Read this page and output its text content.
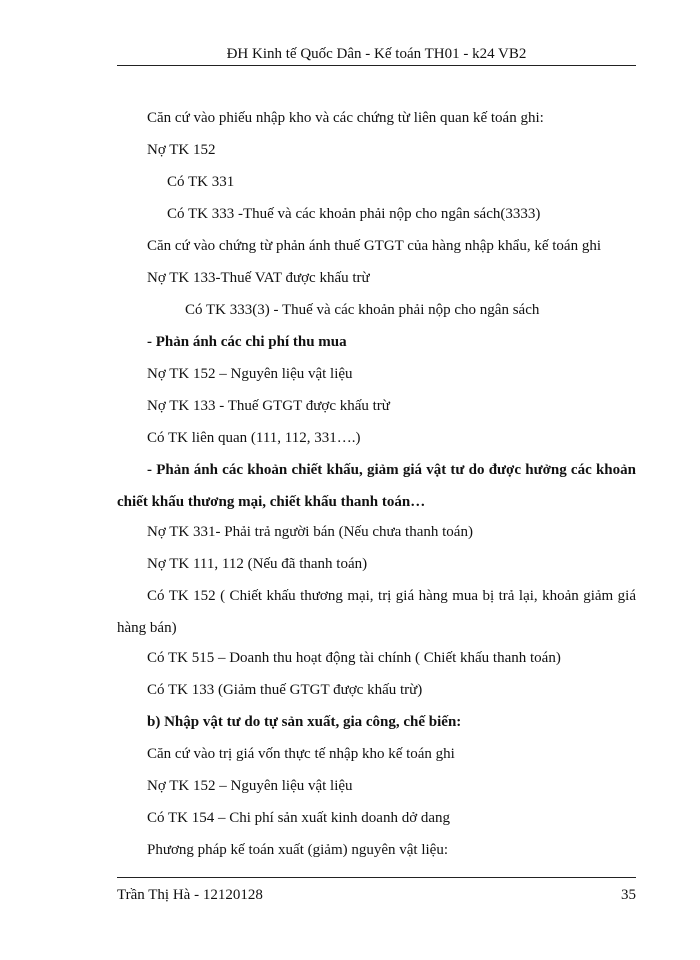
ĐH Kinh tế Quốc Dân - Kế toán TH01 - k24 VB2
Căn cứ vào phiếu nhập kho và các chứng từ liên quan kế toán ghi:
Nợ TK 152
Có TK 331
Có TK 333 -Thuế và các khoản phải nộp cho ngân sách(3333)
Căn cứ vào chứng từ phản ánh thuế GTGT của hàng nhập khẩu, kế toán ghi
Nợ TK 133-Thuế VAT được khấu trừ
Có TK 333(3) - Thuế và các khoản phải nộp cho ngân sách
- Phản ánh các chi phí thu mua
Nợ TK 152 – Nguyên liệu vật liệu
Nợ TK 133 - Thuế GTGT được khấu trừ
Có TK liên quan (111, 112, 331….)
- Phản ánh các khoản chiết khấu, giảm giá vật tư do được hưởng các khoản chiết khấu thương mại, chiết khấu thanh toán…
Nợ TK 331- Phải trả người bán (Nếu chưa thanh toán)
Nợ TK 111, 112 (Nếu đã thanh toán)
Có TK 152 ( Chiết khấu thương mại, trị giá hàng mua bị trả lại, khoản giảm giá hàng bán)
Có TK 515 – Doanh thu hoạt động tài chính ( Chiết khấu thanh toán)
Có TK 133 (Giảm thuế GTGT được khấu trừ)
b) Nhập vật tư do tự sản xuất, gia công, chế biến:
Căn cứ vào trị giá vốn thực tế nhập kho kế toán ghi
Nợ TK 152 – Nguyên liệu vật liệu
Có TK 154 – Chi phí sản xuất kinh doanh dở dang
Phương pháp kế toán xuất (giảm) nguyên vật liệu:
Trần Thị Hà - 12120128	35
